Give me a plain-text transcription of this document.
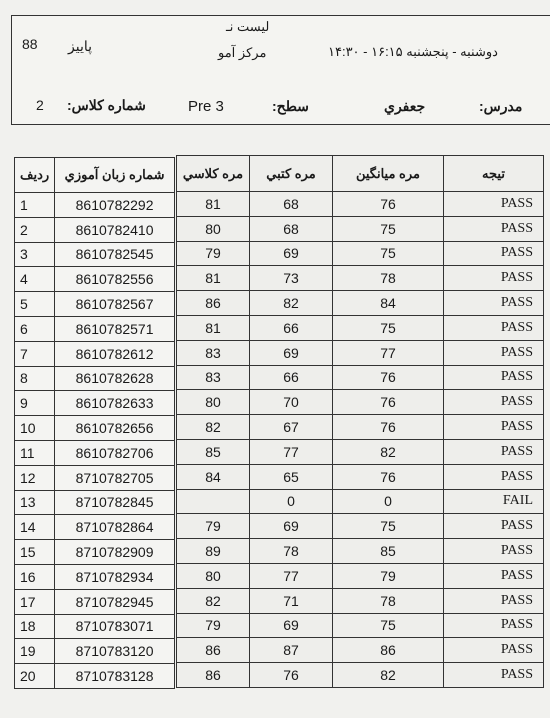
88 پاييز
2 شماره كلاس:
لیست نـ
مرکز آمو	دوشنبه - پنجشنبه ۱۶:۱۵ - ۱۴:۳۰
Pre 3	سطح:	جعفري	مدرس:
رديف	شماره زبان آموزي
1	8610782292
2	8610782410
3	8610782545
4	8610782556
5	8610782567
6	8610782571
7	8610782612
8	8610782628
9	8610782633
10	8610782656
11	8610782706
12	8710782705
13	8710782845
14	8710782864
15	8710782909
16	8710782934
17	8710782945
18	8710783071
19	8710783120
20	8710783128
مره كلاسي	مره كتبي	مره ميانگين	تيجه
81	68	76	PASS
80	68	75	PASS
79	69	75	PASS
81	73	78	PASS
86	82	84	PASS
81	66	75	PASS
83	69	77	PASS
83	66	76	PASS
80	70	76	PASS
82	67	76	PASS
85	77	82	PASS
84	65	76	PASS
	0	0	FAIL
79	69	75	PASS
89	78	85	PASS
80	77	79	PASS
82	71	78	PASS
79	69	75	PASS
86	87	86	PASS
86	76	82	PASS
